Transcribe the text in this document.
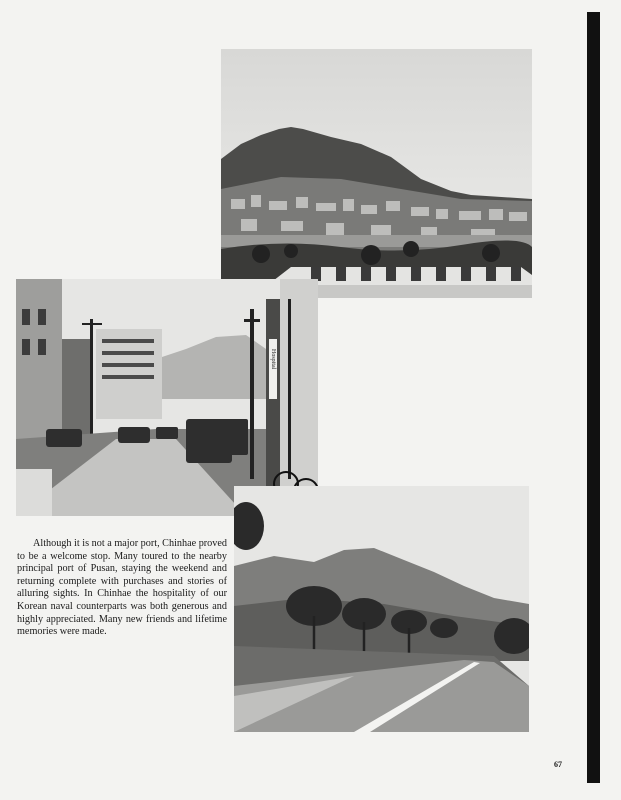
Hospital

Although it is not a major port, Chinhae proved to be a welcome stop. Many toured to the nearby principal port of Pusan, staying the weekend and returning complete with purchases and stories of alluring sights. In Chinhae the hospitality of our Korean naval counterparts was both generous and highly appreciated. Many new friends and lifetime memories were made.

67
